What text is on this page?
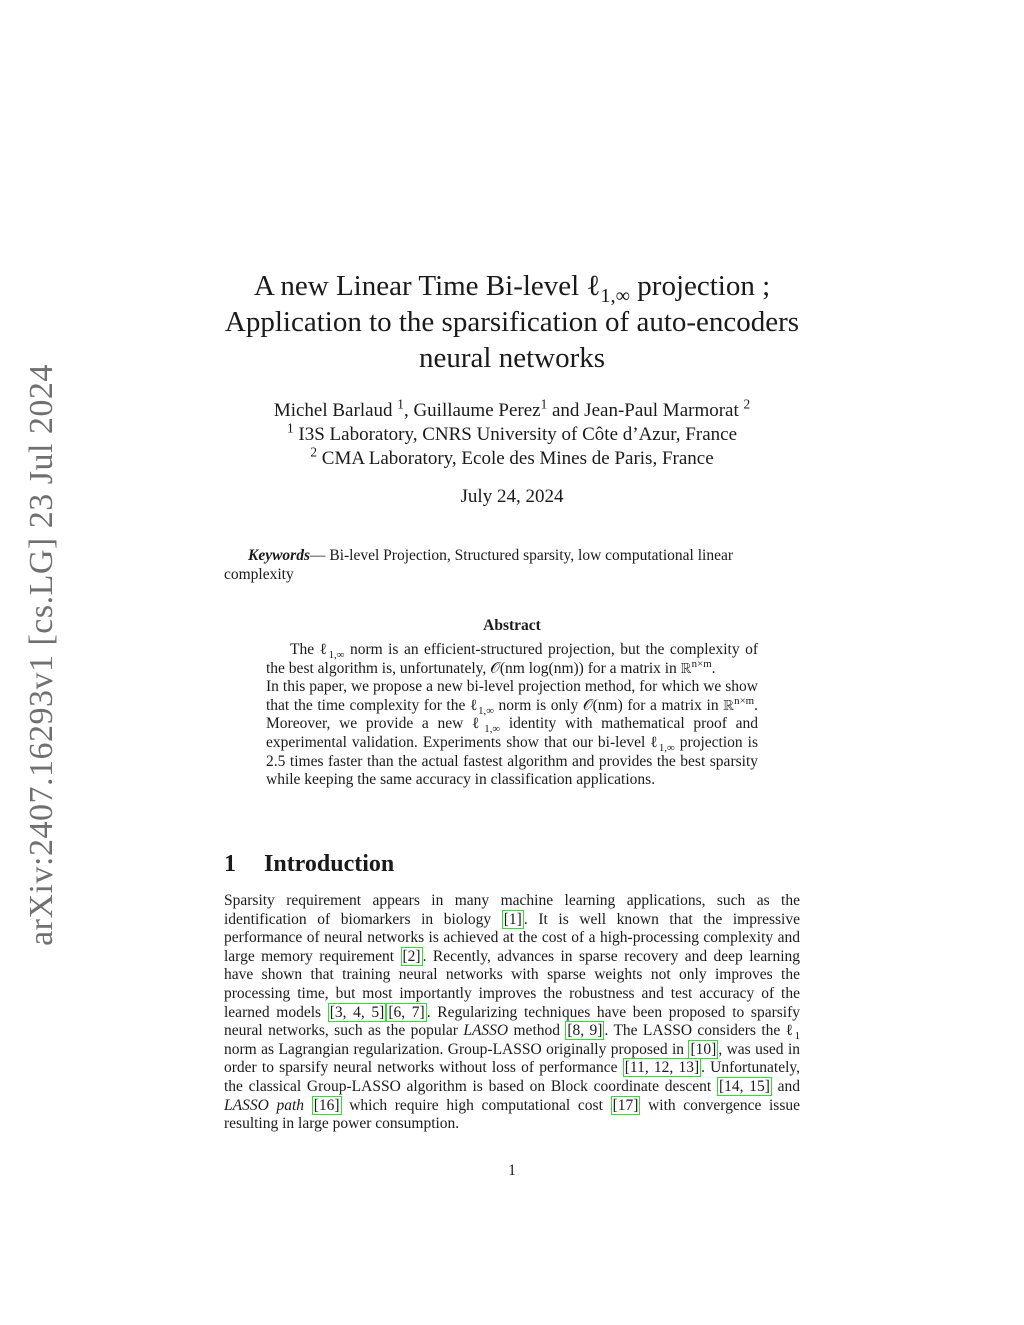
arXiv:2407.16293v1 [cs.LG] 23 Jul 2024
A new Linear Time Bi-level ℓ$_{1,\infty}$ projection ;
Application to the sparsification of auto-encoders
neural networks
Michel Barlaud $^1$, Guillaume Perez$^1$ and Jean-Paul Marmorat $^2$
$^1$ I3S Laboratory, CNRS University of Côte d’Azur, France
$^2$ CMA Laboratory, Ecole des Mines de Paris, France
July 24, 2024
Keywords— Bi-level Projection, Structured sparsity, low computational linear complexity
Abstract

The ℓ$_{1,\infty}$ norm is an efficient-structured projection, but the complexity of the best algorithm is, unfortunately, 𝒪(nm log(nm)) for a matrix in ℝ$^{n\times m}$.

In this paper, we propose a new bi-level projection method, for which we show that the time complexity for the ℓ$_{1,\infty}$ norm is only 𝒪(nm) for a matrix in ℝ$^{n\times m}$. Moreover, we provide a new ℓ$_{1,\infty}$ identity with mathematical proof and experimental validation. Experiments show that our bi-level ℓ$_{1,\infty}$ projection is 2.5 times faster than the actual fastest algorithm and provides the best sparsity while keeping the same accuracy in classification applications.

1 Introduction

Sparsity requirement appears in many machine learning applications, such as the identification of biomarkers in biology [1] . It is well known that the impressive performance of neural networks is achieved at the cost of a high-processing complexity and large memory requirement [2] . Recently, advances in sparse recovery and deep learning have shown that training neural networks with sparse weights not only improves the processing time, but most importantly improves the robustness and test accuracy of the learned models [3, 4, 5] [6, 7] . Regularizing techniques have been proposed to sparsify neural networks, such as the popular LASSO method [8, 9] . The LASSO considers the ℓ$_1$ norm as Lagrangian regularization. Group-LASSO originally proposed in [10] , was used in order to sparsify neural networks without loss of performance [11, 12, 13] . Unfortunately, the classical Group-LASSO algorithm is based on Block coordinate descent [14, 15] and LASSO path [16] which require high computational cost [17] with convergence issue resulting in large power consumption.

1
